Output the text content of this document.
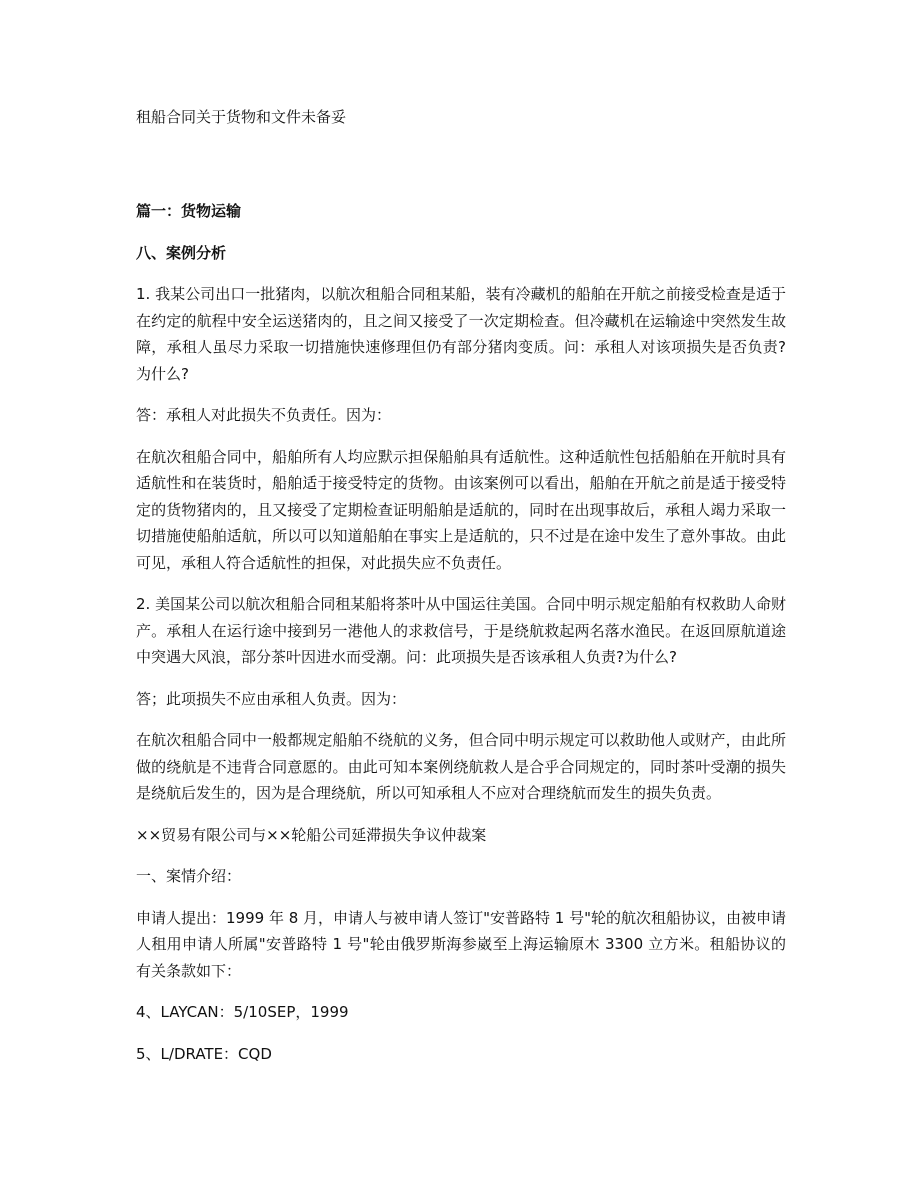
租船合同关于货物和文件未备妥

篇一：货物运输

八、案例分析

1. 我某公司出口一批猪肉，以航次租船合同租某船，装有冷藏机的船舶在开航之前接受检查是适于在约定的航程中安全运送猪肉的，且之间又接受了一次定期检查。但冷藏机在运输途中突然发生故障，承租人虽尽力采取一切措施快速修理但仍有部分猪肉变质。问：承租人对该项损失是否负责?为什么?

答：承租人对此损失不负责任。因为：

在航次租船合同中，船舶所有人均应默示担保船舶具有适航性。这种适航性包括船舶在开航时具有适航性和在装货时，船舶适于接受特定的货物。由该案例可以看出，船舶在开航之前是适于接受特定的货物猪肉的，且又接受了定期检查证明船舶是适航的，同时在出现事故后，承租人竭力采取一切措施使船舶适航，所以可以知道船舶在事实上是适航的，只不过是在途中发生了意外事故。由此可见，承租人符合适航性的担保，对此损失应不负责任。

2. 美国某公司以航次租船合同租某船将茶叶从中国运往美国。合同中明示规定船舶有权救助人命财产。承租人在运行途中接到另一港他人的求救信号，于是绕航救起两名落水渔民。在返回原航道途中突遇大风浪，部分茶叶因进水而受潮。问：此项损失是否该承租人负责?为什么?

答；此项损失不应由承租人负责。因为：

在航次租船合同中一般都规定船舶不绕航的义务，但合同中明示规定可以救助他人或财产，由此所做的绕航是不违背合同意愿的。由此可知本案例绕航救人是合乎合同规定的，同时茶叶受潮的损失是绕航后发生的，因为是合理绕航，所以可知承租人不应对合理绕航而发生的损失负责。

××贸易有限公司与××轮船公司延滞损失争议仲裁案

一、案情介绍：

申请人提出：1999 年 8 月，申请人与被申请人签订"安普路特 1 号"轮的航次租船协议，由被申请人租用申请人所属"安普路特 1 号"轮由俄罗斯海参崴至上海运输原木 3300 立方米。租船协议的有关条款如下：

4、LAYCAN：5/10SEP，1999

5、L/DRATE：CQD
